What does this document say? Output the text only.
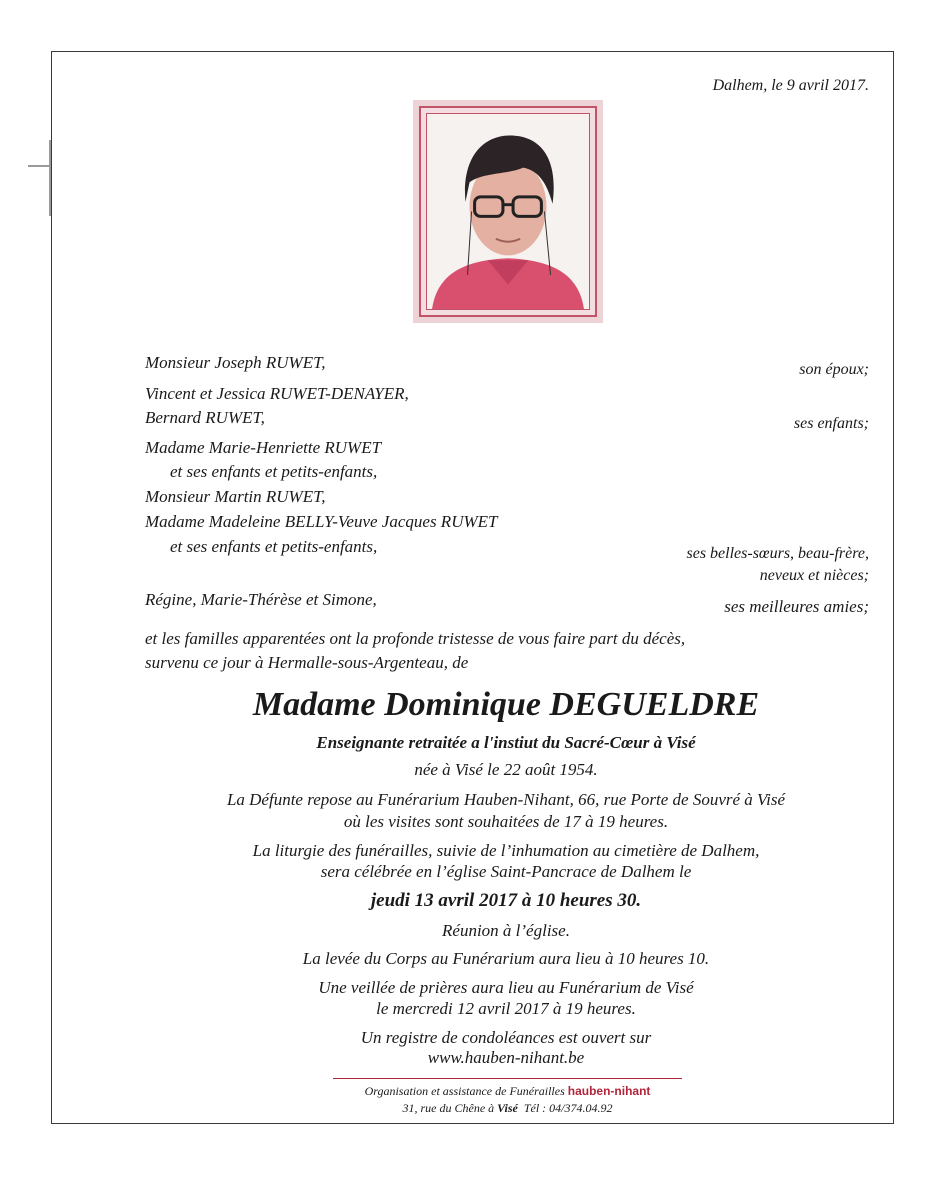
Dalhem, le 9 avril 2017.
Monsieur Joseph RUWET,
Vincent et Jessica RUWET-DENAYER,
Bernard RUWET,
Madame Marie-Henriette RUWET
et ses enfants et petits-enfants,
Monsieur Martin RUWET,
Madame Madeleine BELLY-Veuve Jacques RUWET
et ses enfants et petits-enfants,
Régine, Marie-Thérèse et Simone,
son époux;
ses enfants;
ses belles-sœurs, beau-frère,
neveux et nièces;
ses meilleures amies;
et les familles apparentées ont la profonde tristesse de vous faire part du décès,
survenu ce jour à Hermalle-sous-Argenteau, de
Madame Dominique DEGUELDRE
Enseignante retraitée a l'instiut du Sacré-Cœur à Visé
née à Visé le 22 août 1954.
La Défunte repose au Funérarium Hauben-Nihant, 66, rue Porte de Souvré à Visé
où les visites sont souhaitées de 17 à 19 heures.
La liturgie des funérailles, suivie de l’inhumation au cimetière de Dalhem,
sera célébrée en l’église Saint-Pancrace de Dalhem le
jeudi 13 avril 2017 à 10 heures 30.
Réunion à l’église.
La levée du Corps au Funérarium aura lieu à 10 heures 10.
Une veillée de prières aura lieu au Funérarium de Visé
le mercredi 12 avril 2017 à 19 heures.
Un registre de condoléances est ouvert sur
www.hauben-nihant.be
Organisation et assistance de Funérailles hauben-nihant
31, rue du Chêne à Visé Tél : 04/374.04.92
